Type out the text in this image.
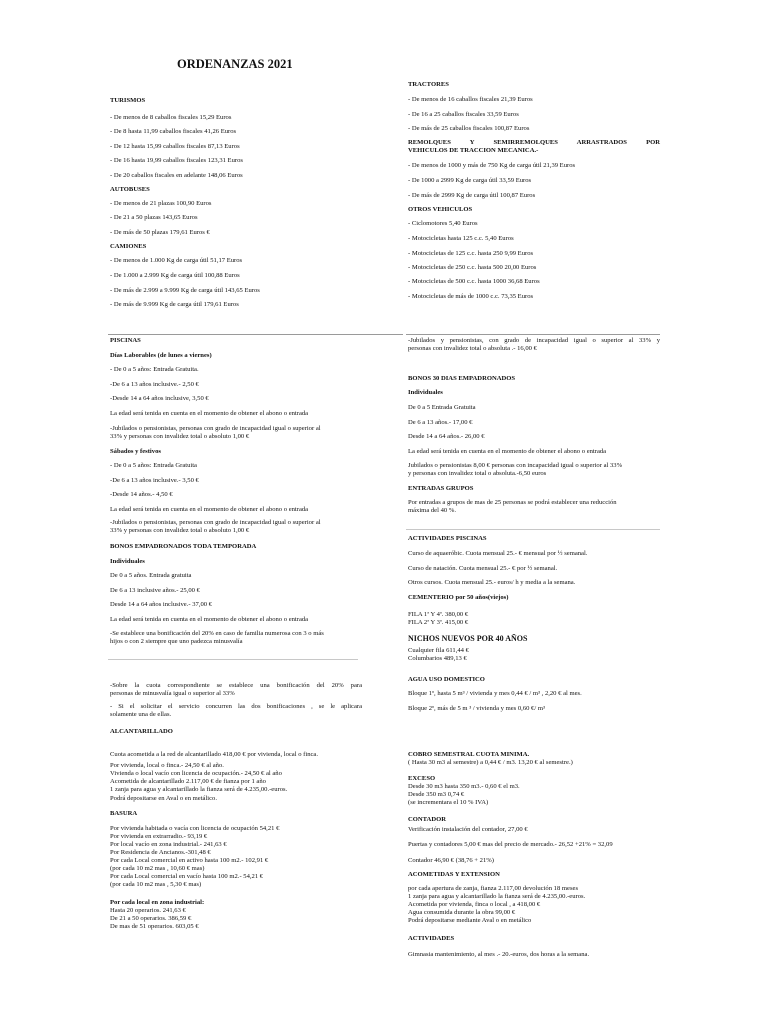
ORDENANZAS 2021
TURISMOS
- De menos de 8 caballos fiscales 15,29 Euros
- De 8 hasta 11,99 caballos fiscales 41,26 Euros
- De 12 hasta 15,99 caballos fiscales 87,13 Euros
- De 16 hasta 19,99 caballos fiscales 123,31 Euros
- De 20 caballos fiscales en adelante 148,06 Euros
AUTOBUSES
- De menos de 21 plazas 100,90 Euros
- De 21 a 50 plazas 143,65 Euros
- De más de 50 plazas 179,61 Euros €
CAMIONES
- De menos de 1.000 Kg de carga útil 51,17 Euros
- De 1.000 a 2.999 Kg de carga útil 100,88 Euros
- De más de 2.999 a 9.999 Kg de carga útil 143,65 Euros
- De más de 9.999 Kg de carga útil 179,61 Euros
TRACTORES
- De menos de 16 caballos fiscales 21,39 Euros
- De 16 a 25 caballos fiscales 33,59 Euros
- De más de 25 caballos fiscales 100,87 Euros
REMOLQUES Y SEMIRREMOLQUES ARRASTRADOS POR
VEHICULOS DE TRACCION MECANICA.-
- De menos de 1000 y más de 750 Kg de carga útil 21,39 Euros
- De 1000 a 2999 Kg de carga útil 33,59 Euros
- De más de 2999 Kg de carga útil 100,87 Euros
OTROS VEHICULOS
- Ciclomotores 5,40 Euros
- Motocicletas hasta 125 c.c. 5,40 Euros
- Motocicletas de 125 c.c. hasta 250 9,99 Euros
- Motocicletas de 250 c.c. hasta 500 20,00 Euros
- Motocicletas de 500 c.c. hasta 1000 36,68 Euros
- Motocicletas de más de 1000 c.c. 73,35 Euros
PISCINAS
Días Laborables (de lunes a viernes)
- De 0 a 5 años: Entrada Gratuita.
-De 6 a 13 años inclusive.- 2,50 €
-Desde 14 a 64 años inclusive, 3,50 €
La edad será tenida en cuenta en el momento de obtener el abono o entrada
-Jubilados o pensionistas, personas con grado de incapacidad igual o superior al
33% y personas con invalidez total o absoluto 1,00 €
Sábados y festivos
- De 0 a 5 años: Entrada Gratuita
-De 6 a 13 años inclusive.- 3,50 €
-Desde 14 años.- 4,50 €
La edad será tenida en cuenta en el momento de obtener el abono o entrada
-Jubilados o pensionistas, personas con grado de incapacidad igual o superior al
33% y personas con invalidez total o absoluto 1,00 €
BONOS EMPADRONADOS TODA TEMPORADA
Individuales
De 0 a 5 años. Entrada gratuita
De 6 a 13 inclusive años.- 25,00 €
Desde 14 a 64 años inclusive.- 37,00 €
La edad será tenida en cuenta en el momento de obtener el abono o entrada
-Se establece una bonificación del 20% en caso de familia numerosa con 3 o más
hijos o con 2 siempre que uno padezca minusvalía
-Jubilados y pensionistas, con grado de incapacidad igual o superior al 33% y
personas con invalidez total o absoluta .- 16,00 €
BONOS 30 DIAS EMPADRONADOS
Individuales
De 0 a 5 Entrada Gratuita
De 6 a 13 años.- 17,00 €
Desde 14 a 64 años.- 26,00 €
La edad será tenida en cuenta en el momento de obtener el abono o entrada
Jubilados o pensionistas 8,00 € personas con incapacidad igual o superior al 33%
y personas con invalidez total o absoluta.-6,50 euros
ENTRADAS GRUPOS
Por entradas a grupos de mas de 25 personas se podrá establecer una reducción
máxima del 40 %.
ACTIVIDADES PISCINAS
Curso de aquaeróbic. Cuota mensual 25.- € mensual por ½ semanal.
Curso de natación. Cuota mensual 25.- € por ½ semanal.
Otros cursos. Cuota mensual 25.- euros/ h y media a la semana.
CEMENTERIO por 50 años(viejos)
FILA 1ª Y 4ª. 380,00 €
FILA 2ª Y 3ª. 415,00 €
NICHOS NUEVOS POR 40 AÑOS
Cualquier fila 611,44 €
Columbarios 489,13 €
-Sobre la cuota correspondiente se establece una bonificación del 20% para
personas de minusvalía igual o superior al 33%
- Si el solicitar el servicio concurren las dos bonificaciones , se le aplicara
solamente una de ellas.
ALCANTARILLADO
Cuota acometida a la red de alcantarillado 418,00 € por vivienda, local o finca.
Por vivienda, local o finca.- 24,50 € al año.
Vivienda o local vacío con licencia de ocupación.- 24,50 € al año
Acometida de alcantarillado 2.117,00 € de fianza por 1 año
1 zanja para agua y alcantarillado la fianza será de 4.235,00.-euros.
Podrá depositarse en Aval o en metálico.
BASURA
Por vivienda habitada o vacía con licencia de ocupación 54,21 €
Por vivienda en extrarradio.- 93,19 €
Por local vacío en zona industrial.- 241,63 €
Por Residencia de Ancianos.-301,48 €
Por cada Local comercial en activo hasta 100 m2.- 102,91 €
(por cada 10 m2 mas , 10,60 € mas)
Por cada Local comercial en vacío hasta 100 m2.- 54,21 €
(por cada 10 m2 mas , 5,30 € mas)
Por cada local en zona industrial:
Hasta 20 operarios. 241,63 €
De 21 a 50 operarios. 386,59 €
De mas de 51 operarios. 603,05 €
AGUA USO DOMESTICO
Bloque 1º, hasta 5 m³ / vivienda y mes 0,44 € / m³ , 2,20 € al mes.
Bloque 2º, más de 5 m ³ / vivienda y mes 0,60 €/ m³
COBRO SEMESTRAL CUOTA MINIMA.
( Hasta 30 m3 al semestre) a 0,44 € / m3. 13,20 € al semestre.)
EXCESO
Desde 30 m3 hasta 350 m3.- 0,60 € el m3.
Desde 350 m3 0,74 €
(se incrementara el 10 % IVA)
CONTADOR
Verificación instalación del contador, 27,00 €
Puertas y contadores 5,00 € mas del precio de mercado.- 26,52 +21% = 32,09
Contador 46,90 € (38,76 + 21%)
ACOMETIDAS Y EXTENSION
por cada apertura de zanja, fianza 2.117,00 devolución 18 meses
1 zanja para agua y alcantarillado la fianza será de 4.235,00.-euros.
Acometida por vivienda, finca o local , a 418,00 €
Agua consumida durante la obra 99,00 €
Podrá depositarse mediante Aval o en metálico
ACTIVIDADES
Gimnasia mantenimiento, al mes .- 20.-euros, dos horas a la semana.
